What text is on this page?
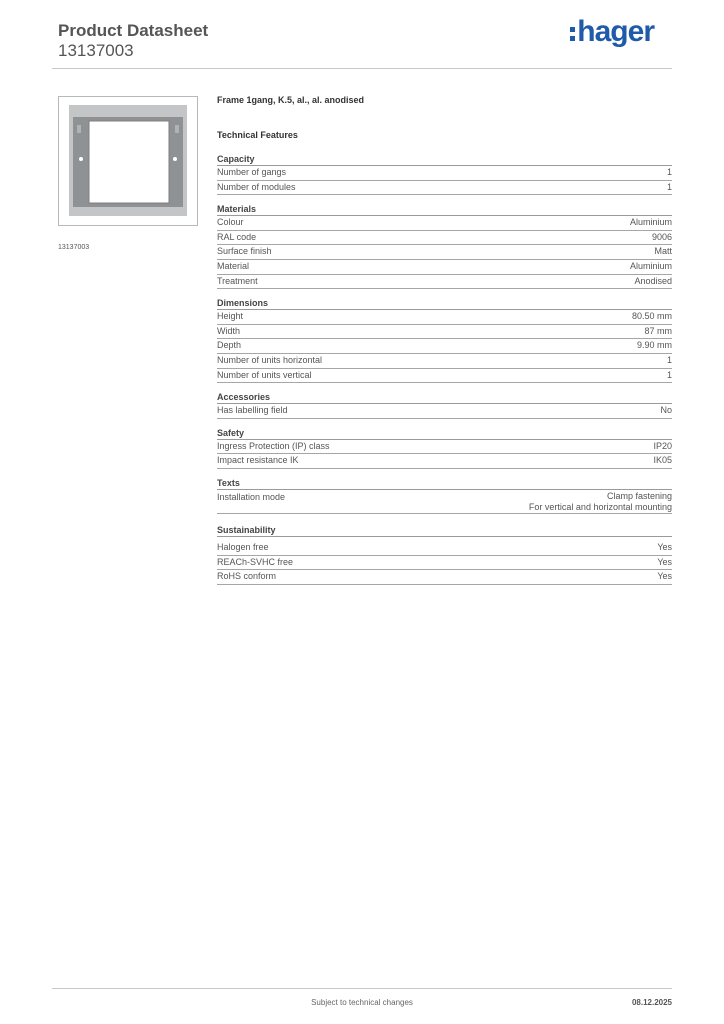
Product Datasheet
13137003
hager
13137003
Frame 1gang, K.5, al., al. anodised
Technical Features
Capacity
Number of gangs	1
Number of modules	1
Materials
Colour	Aluminium
RAL code	9006
Surface finish	Matt
Material	Aluminium
Treatment	Anodised
Dimensions
Height	80.50 mm
Width	87 mm
Depth	9.90 mm
Number of units horizontal	1
Number of units vertical	1
Accessories
Has labelling field	No
Safety
Ingress Protection (IP) class	IP20
Impact resistance IK	IK05
Texts
Installation mode	Clamp fastening
For vertical and horizontal mounting
Sustainability
Halogen free	Yes
REACh-SVHC free	Yes
RoHS conform	Yes
Subject to technical changes	08.12.2025
